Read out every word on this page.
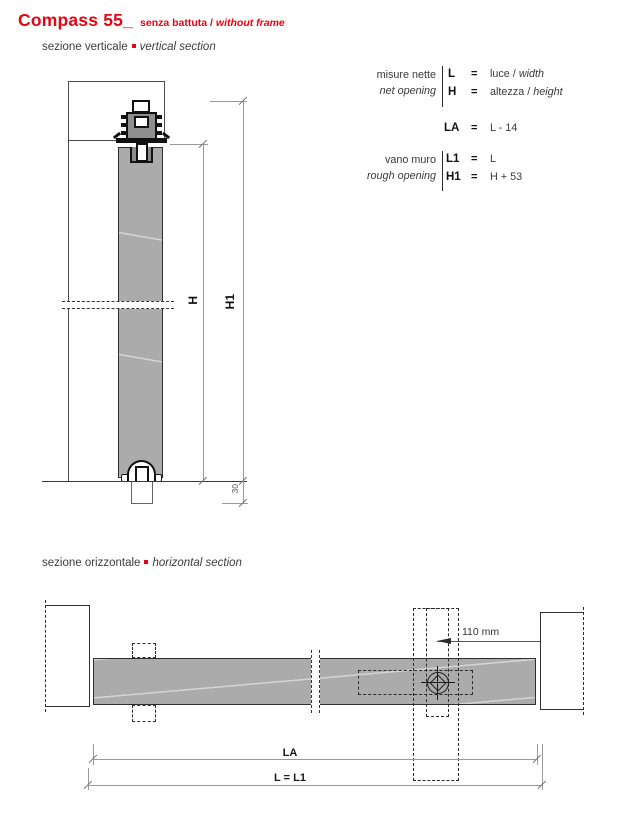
Compass 55_ senza battuta / without frame
sezione verticale vertical section
misure nette
net opening
L = luce / width
H = altezza / height
LA = L - 14
vano muro
rough opening
L1 = L
H1 = H + 53
H H1
30
sezione orizzontale horizontal section
110 mm
LA
L = L1
